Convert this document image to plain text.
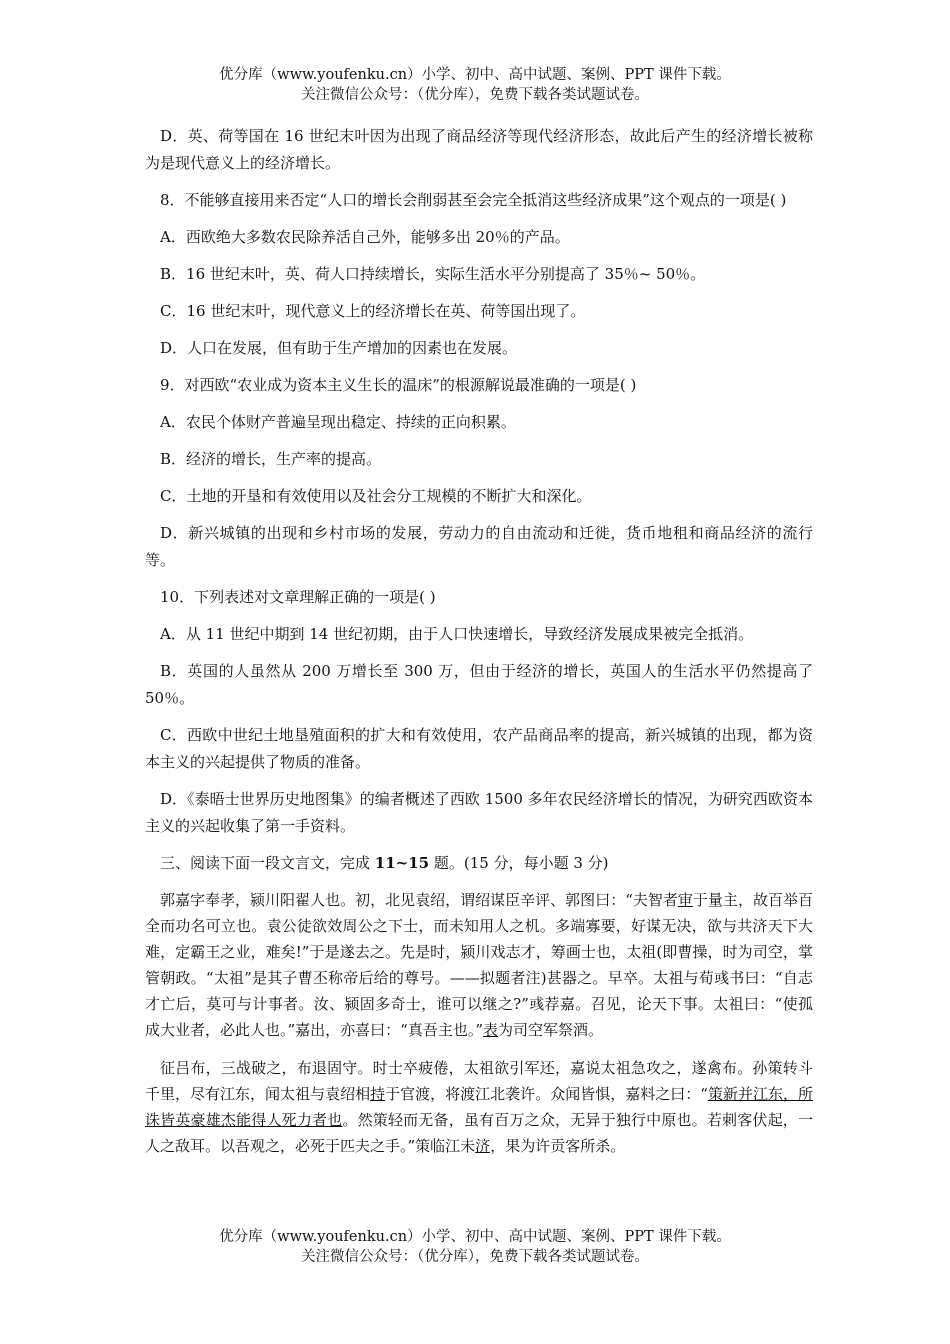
优分库（www.youfenku.cn）小学、初中、高中试题、案例、PPT 课件下载。
关注微信公众号：（优分库），免费下载各类试题试卷。

D．英、荷等国在 16 世纪末叶因为出现了商品经济等现代经济形态，故此后产生的经济增长被称为是现代意义上的经济增长。

8．不能够直接用来否定“人口的增长会削弱甚至会完全抵消这些经济成果”这个观点的一项是( )

A．西欧绝大多数农民除养活自己外，能够多出 20％的产品。

B．16 世纪末叶，英、荷人口持续增长，实际生活水平分别提高了 35％~ 50％。

C．16 世纪末叶，现代意义上的经济增长在英、荷等国出现了。

D．人口在发展，但有助于生产增加的因素也在发展。

9．对西欧“农业成为资本主义生长的温床”的根源解说最准确的一项是( )

A．农民个体财产普遍呈现出稳定、持续的正向积累。

B．经济的增长，生产率的提高。

C．土地的开垦和有效使用以及社会分工规模的不断扩大和深化。

D．新兴城镇的出现和乡村市场的发展，劳动力的自由流动和迁徙，货币地租和商品经济的流行等。

10．下列表述对文章理解正确的一项是( )

A．从 11 世纪中期到 14 世纪初期，由于人口快速增长，导致经济发展成果被完全抵消。

B．英国的人虽然从 200 万增长至 300 万，但由于经济的增长，英国人的生活水平仍然提高了 50％。

C．西欧中世纪土地垦殖面积的扩大和有效使用，农产品商品率的提高，新兴城镇的出现，都为资本主义的兴起提供了物质的准备。

D．《泰晤士世界历史地图集》的编者概述了西欧 1500 多年农民经济增长的情况，为研究西欧资本主义的兴起收集了第一手资料。

三、阅读下面一段文言文，完成 11~15 题。(15 分，每小题 3 分)

郭嘉字奉孝，颍川阳翟人也。初，北见袁绍，谓绍谋臣辛评、郭图曰：“夫智者审于量主，故百举百全而功名可立也。袁公徒欲效周公之下士，而未知用人之机。多端寡要，好谋无决，欲与共济天下大难，定霸王之业，难矣!”于是遂去之。先是时，颍川戏志才，筹画士也，太祖(即曹操，时为司空，掌管朝政。“太祖”是其子曹丕称帝后给的尊号。——拟题者注)甚器之。早卒。太祖与荀彧书曰：“自志才亡后，莫可与计事者。汝、颍固多奇士，谁可以继之?”彧荐嘉。召见，论天下事。太祖曰：“使孤成大业者，必此人也。”嘉出，亦喜曰：“真吾主也。”表为司空军祭酒。

征吕布，三战破之，布退固守。时士卒疲倦，太祖欲引军还，嘉说太祖急攻之，遂禽布。孙策转斗千里，尽有江东，闻太祖与袁绍相持于官渡，将渡江北袭许。众闻皆惧，嘉料之曰：“策新并江东，所诛皆英豪雄杰能得人死力者也。然策轻而无备，虽有百万之众，无异于独行中原也。若刺客伏起，一人之敌耳。以吾观之，必死于匹夫之手。”策临江未济，果为许贡客所杀。

优分库（www.youfenku.cn）小学、初中、高中试题、案例、PPT 课件下载。
关注微信公众号：（优分库），免费下载各类试题试卷。
